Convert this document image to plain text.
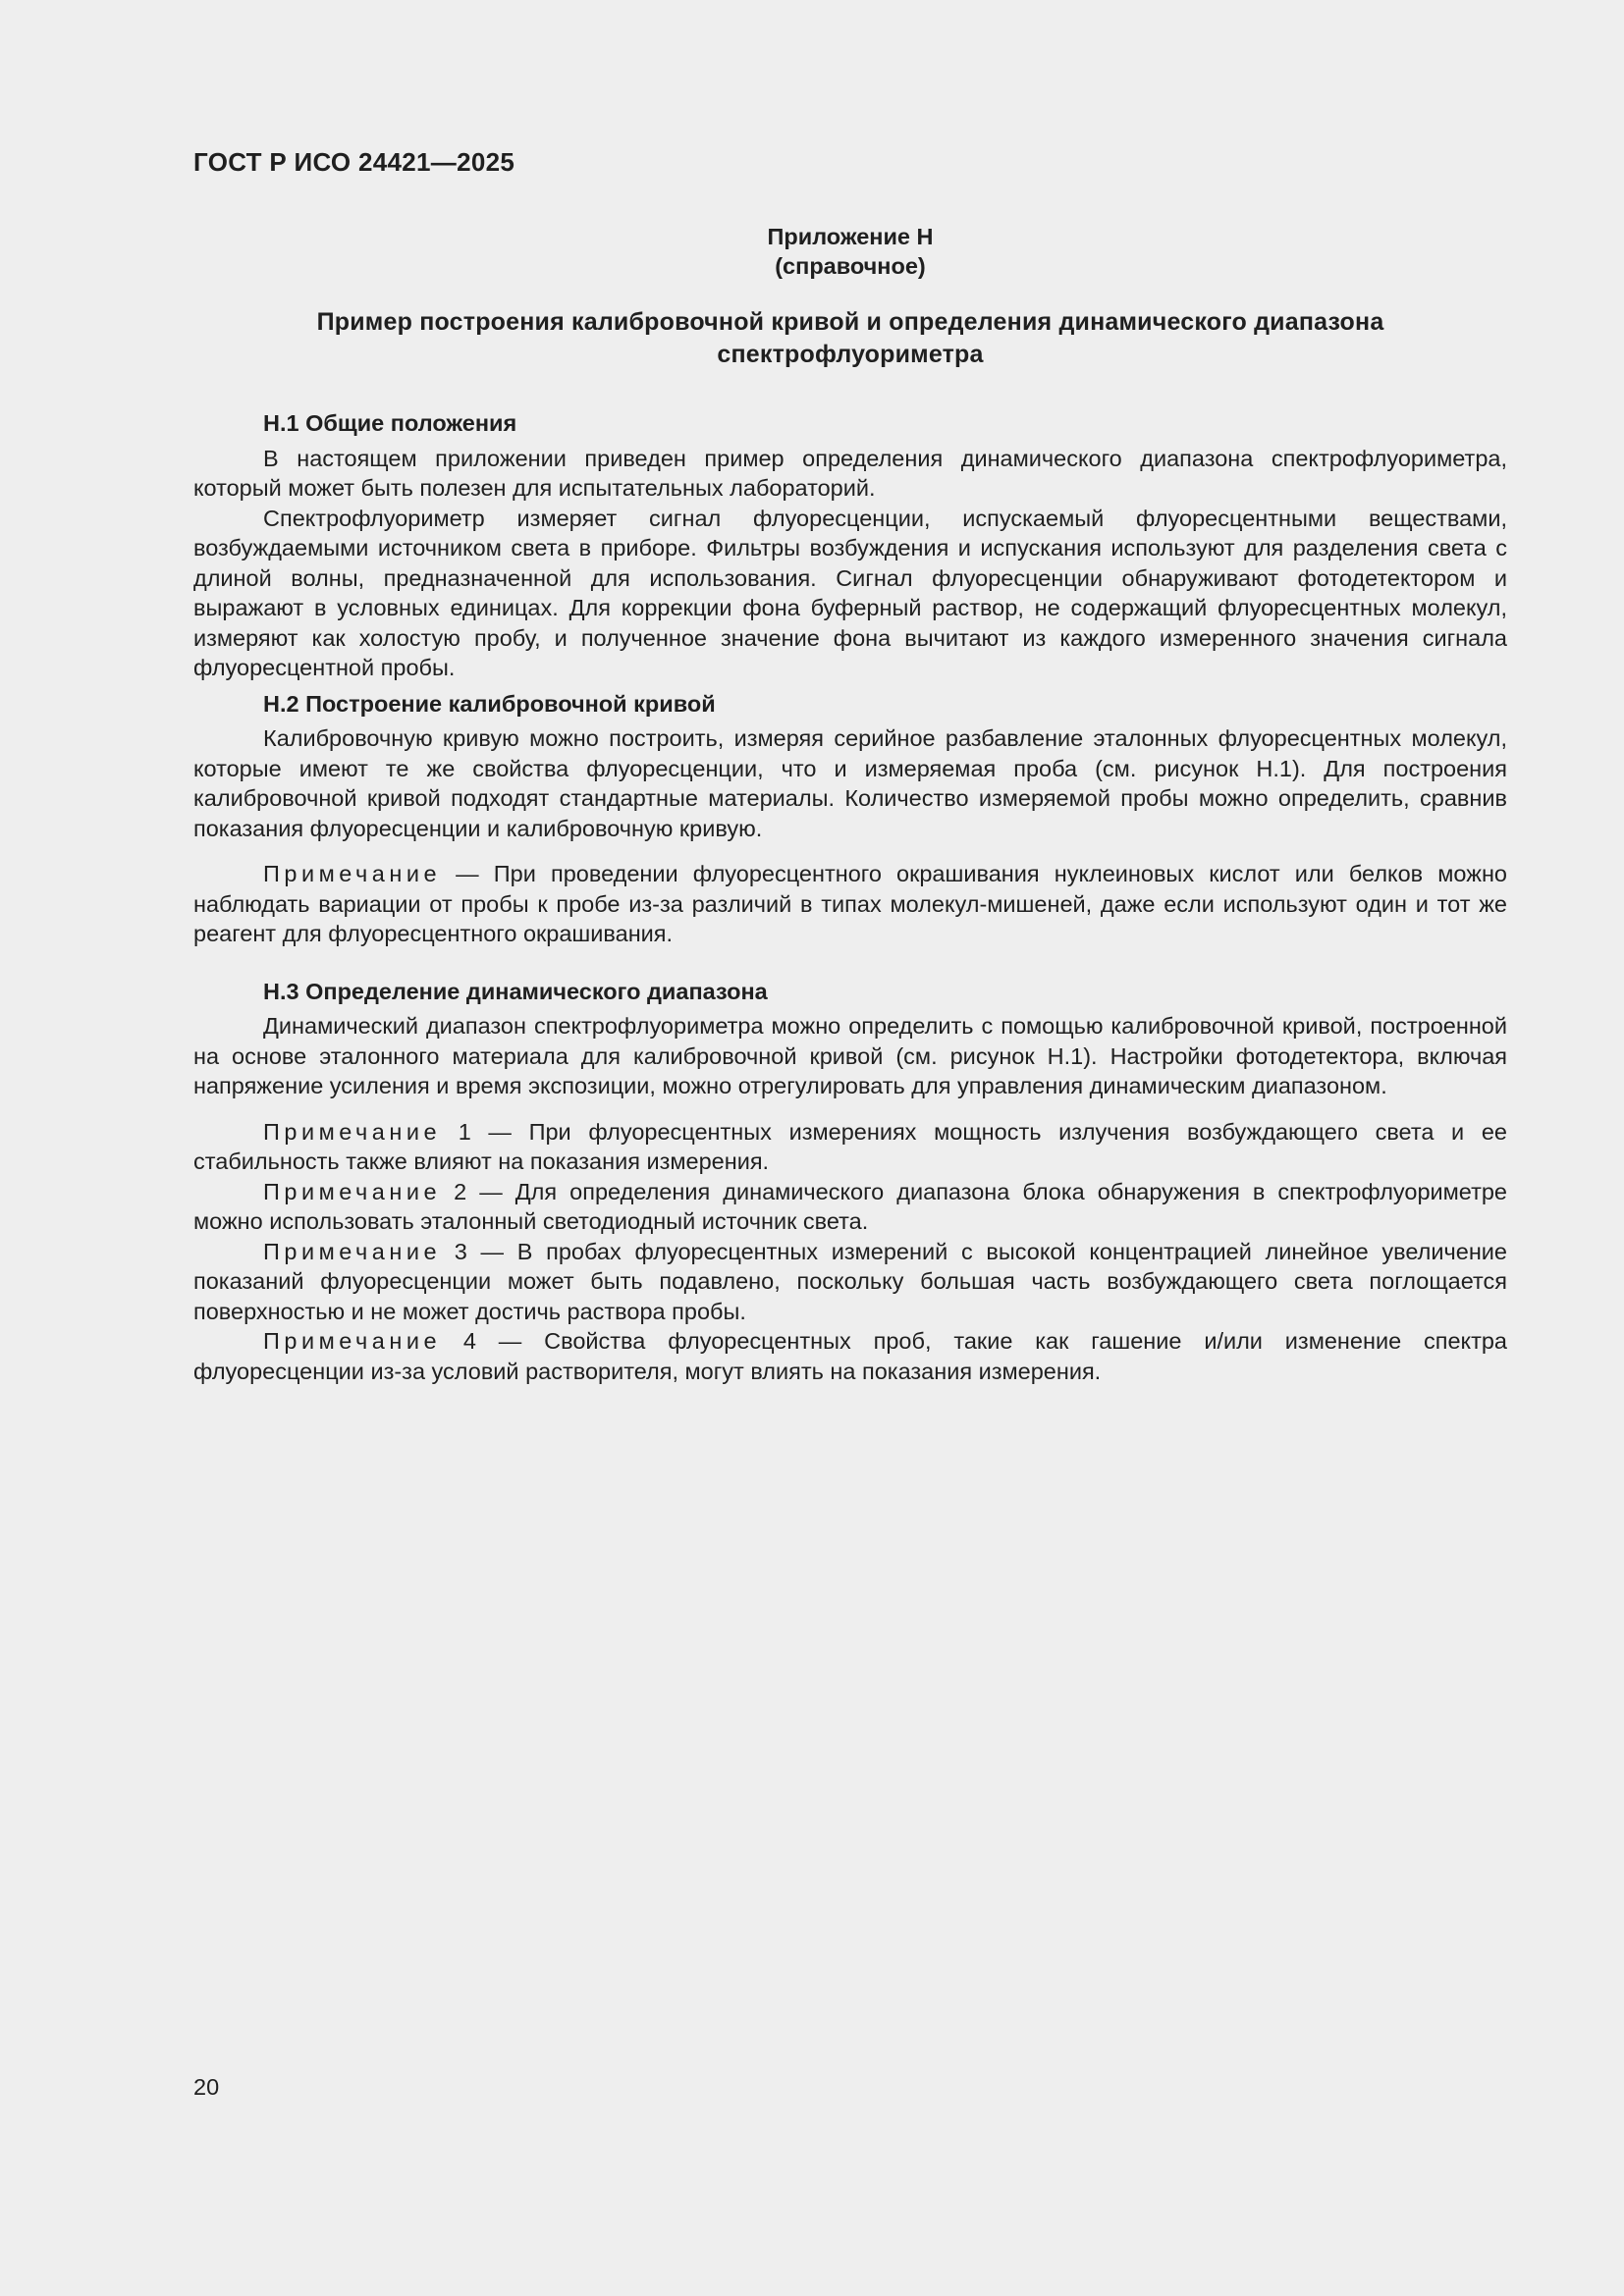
ГОСТ Р ИСО 24421—2025
Приложение Н
(справочное)
Пример построения калибровочной кривой и определения динамического диапазона спектрофлуориметра
Н.1 Общие положения

В настоящем приложении приведен пример определения динамического диапазона спектрофлуориметра, который может быть полезен для испытательных лабораторий.

Спектрофлуориметр измеряет сигнал флуоресценции, испускаемый флуоресцентными веществами, возбуждаемыми источником света в приборе. Фильтры возбуждения и испускания используют для разделения света с длиной волны, предназначенной для использования. Сигнал флуоресценции обнаруживают фотодетектором и выражают в условных единицах. Для коррекции фона буферный раствор, не содержащий флуоресцентных молекул, измеряют как холостую пробу, и полученное значение фона вычитают из каждого измеренного значения сигнала флуоресцентной пробы.

Н.2 Построение калибровочной кривой

Калибровочную кривую можно построить, измеряя серийное разбавление эталонных флуоресцентных молекул, которые имеют те же свойства флуоресценции, что и измеряемая проба (см. рисунок Н.1). Для построения калибровочной кривой подходят стандартные материалы. Количество измеряемой пробы можно определить, сравнив показания флуоресценции и калибровочную кривую.

Примечание — При проведении флуоресцентного окрашивания нуклеиновых кислот или белков можно наблюдать вариации от пробы к пробе из-за различий в типах молекул-мишеней, даже если используют один и тот же реагент для флуоресцентного окрашивания.

Н.3 Определение динамического диапазона

Динамический диапазон спектрофлуориметра можно определить с помощью калибровочной кривой, построенной на основе эталонного материала для калибровочной кривой (см. рисунок Н.1). Настройки фотодетектора, включая напряжение усиления и время экспозиции, можно отрегулировать для управления динамическим диапазоном.

Примечание 1 — При флуоресцентных измерениях мощность излучения возбуждающего света и ее стабильность также влияют на показания измерения.

Примечание 2 — Для определения динамического диапазона блока обнаружения в спектрофлуориметре можно использовать эталонный светодиодный источник света.

Примечание 3 — В пробах флуоресцентных измерений с высокой концентрацией линейное увеличение показаний флуоресценции может быть подавлено, поскольку большая часть возбуждающего света поглощается поверхностью и не может достичь раствора пробы.

Примечание 4 — Свойства флуоресцентных проб, такие как гашение и/или изменение спектра флуоресценции из-за условий растворителя, могут влиять на показания измерения.

20
